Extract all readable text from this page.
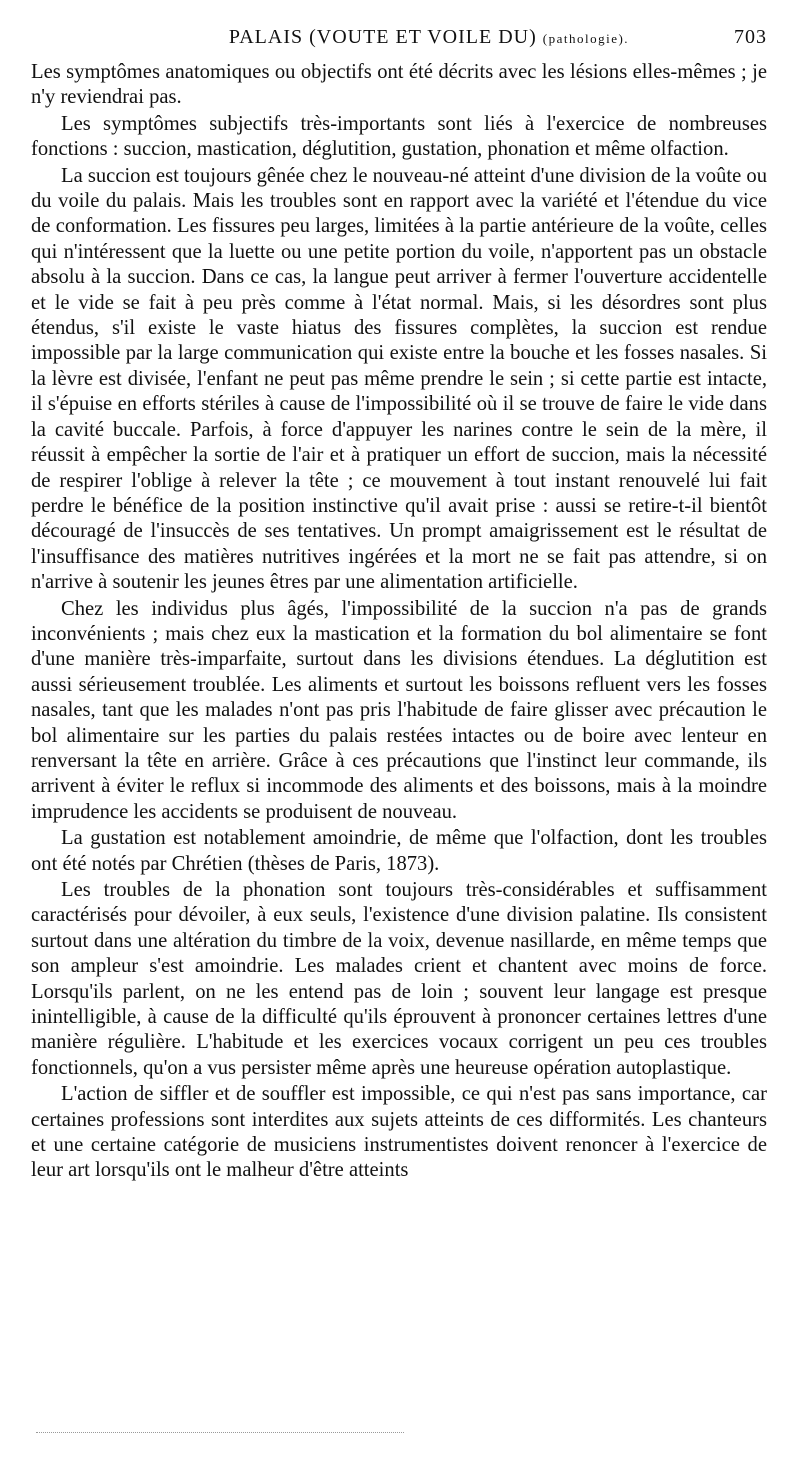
PALAIS (VOUTE ET VOILE DU) (pathologie).	703

Les symptômes anatomiques ou objectifs ont été décrits avec les lésions elles-mêmes ; je n'y reviendrai pas.

Les symptômes subjectifs très-importants sont liés à l'exercice de nombreuses fonctions : succion, mastication, déglutition, gustation, phonation et même olfaction.

La succion est toujours gênée chez le nouveau-né atteint d'une division de la voûte ou du voile du palais. Mais les troubles sont en rapport avec la variété et l'étendue du vice de conformation. Les fissures peu larges, limitées à la partie antérieure de la voûte, celles qui n'intéressent que la luette ou une petite portion du voile, n'apportent pas un obstacle absolu à la succion. Dans ce cas, la langue peut arriver à fermer l'ouverture accidentelle et le vide se fait à peu près comme à l'état normal. Mais, si les désordres sont plus étendus, s'il existe le vaste hiatus des fissures complètes, la succion est rendue impossible par la large communication qui existe entre la bouche et les fosses nasales. Si la lèvre est divisée, l'enfant ne peut pas même prendre le sein ; si cette partie est intacte, il s'épuise en efforts stériles à cause de l'impossibilité où il se trouve de faire le vide dans la cavité buccale. Parfois, à force d'appuyer les narines contre le sein de la mère, il réussit à empêcher la sortie de l'air et à pratiquer un effort de succion, mais la nécessité de respirer l'oblige à relever la tête ; ce mouvement à tout instant renouvelé lui fait perdre le bénéfice de la position instinctive qu'il avait prise : aussi se retire-t-il bientôt découragé de l'insuccès de ses tentatives. Un prompt amaigrissement est le résultat de l'insuffisance des matières nutritives ingérées et la mort ne se fait pas attendre, si on n'arrive à soutenir les jeunes êtres par une alimentation artificielle.

Chez les individus plus âgés, l'impossibilité de la succion n'a pas de grands inconvénients ; mais chez eux la mastication et la formation du bol alimentaire se font d'une manière très-imparfaite, surtout dans les divisions étendues. La déglutition est aussi sérieusement troublée. Les aliments et surtout les boissons refluent vers les fosses nasales, tant que les malades n'ont pas pris l'habitude de faire glisser avec précaution le bol alimentaire sur les parties du palais restées intactes ou de boire avec lenteur en renversant la tête en arrière. Grâce à ces précautions que l'instinct leur commande, ils arrivent à éviter le reflux si incommode des aliments et des boissons, mais à la moindre imprudence les accidents se produisent de nouveau.

La gustation est notablement amoindrie, de même que l'olfaction, dont les troubles ont été notés par Chrétien (thèses de Paris, 1873).

Les troubles de la phonation sont toujours très-considérables et suffisamment caractérisés pour dévoiler, à eux seuls, l'existence d'une division palatine. Ils consistent surtout dans une altération du timbre de la voix, devenue nasillarde, en même temps que son ampleur s'est amoindrie. Les malades crient et chantent avec moins de force. Lorsqu'ils parlent, on ne les entend pas de loin ; souvent leur langage est presque inintelligible, à cause de la difficulté qu'ils éprouvent à prononcer certaines lettres d'une manière régulière. L'habitude et les exercices vocaux corrigent un peu ces troubles fonctionnels, qu'on a vus persister même après une heureuse opération autoplastique.

L'action de siffler et de souffler est impossible, ce qui n'est pas sans importance, car certaines professions sont interdites aux sujets atteints de ces difformités. Les chanteurs et une certaine catégorie de musiciens instrumentistes doivent renoncer à l'exercice de leur art lorsqu'ils ont le malheur d'être atteints
